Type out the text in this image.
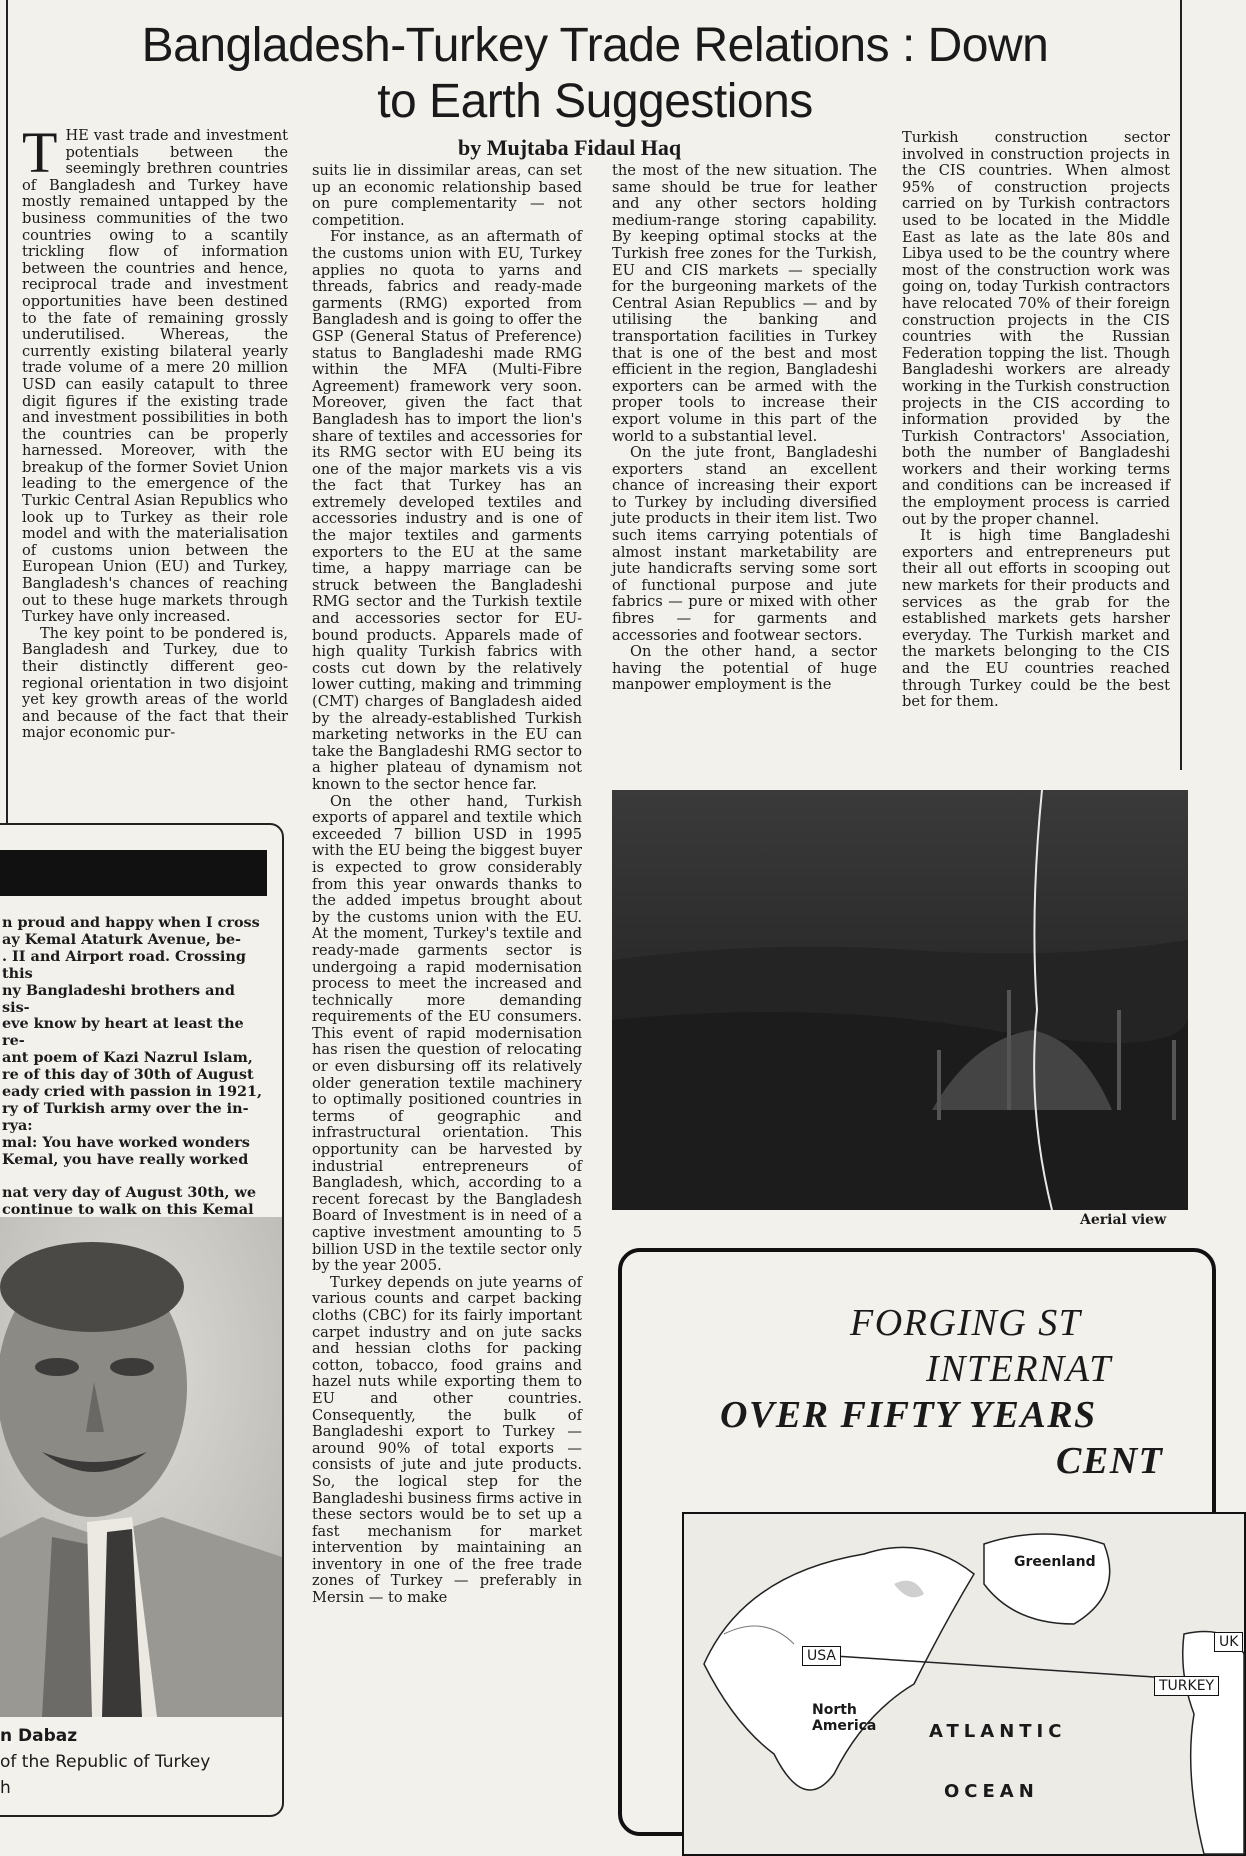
Bangladesh-Turkey Trade Relations : Down
to Earth Suggestions
by Mujtaba Fidaul Haq

THE vast trade and investment potentials between the seemingly brethren countries of Bangladesh and Turkey have mostly remained untapped by the business communities of the two countries owing to a scantily trickling flow of information between the countries and hence, reciprocal trade and investment opportunities have been destined to the fate of remaining grossly underutilised. Whereas, the currently existing bilateral yearly trade volume of a mere 20 million USD can easily catapult to three digit figures if the existing trade and investment possibilities in both the countries can be properly harnessed. Moreover, with the breakup of the former Soviet Union leading to the emergence of the Turkic Central Asian Republics who look up to Turkey as their role model and with the materialisation of customs union between the European Union (EU) and Turkey, Bangladesh's chances of reaching out to these huge markets through Turkey have only increased.

The key point to be pondered is, Bangladesh and Turkey, due to their distinctly different geo-regional orientation in two disjoint yet key growth areas of the world and because of the fact that their major economic pur-

suits lie in dissimilar areas, can set up an economic relationship based on pure complementarity — not competition.

For instance, as an aftermath of the customs union with EU, Turkey applies no quota to yarns and threads, fabrics and ready-made garments (RMG) exported from Bangladesh and is going to offer the GSP (General Status of Preference) status to Bangladeshi made RMG within the MFA (Multi-Fibre Agreement) framework very soon. Moreover, given the fact that Bangladesh has to import the lion's share of textiles and accessories for its RMG sector with EU being its one of the major markets vis a vis the fact that Turkey has an extremely developed textiles and accessories industry and is one of the major textiles and garments exporters to the EU at the same time, a happy marriage can be struck between the Bangladeshi RMG sector and the Turkish textile and accessories sector for EU-bound products. Apparels made of high quality Turkish fabrics with costs cut down by the relatively lower cutting, making and trimming (CMT) charges of Bangladesh aided by the already-established Turkish marketing networks in the EU can take the Bangladeshi RMG sector to a higher plateau of dynamism not known to the sector hence far.

On the other hand, Turkish exports of apparel and textile which exceeded 7 billion USD in 1995 with the EU being the biggest buyer is expected to grow considerably from this year onwards thanks to the added impetus brought about by the customs union with the EU. At the moment, Turkey's textile and ready-made garments sector is undergoing a rapid modernisation process to meet the increased and technically more demanding requirements of the EU consumers. This event of rapid modernisation has risen the question of relocating or even disbursing off its relatively older generation textile machinery to optimally positioned countries in terms of geographic and infrastructural orientation. This opportunity can be harvested by industrial entrepreneurs of Bangladesh, which, according to a recent forecast by the Bangladesh Board of Investment is in need of a captive investment amounting to 5 billion USD in the textile sector only by the year 2005.

Turkey depends on jute yearns of various counts and carpet backing cloths (CBC) for its fairly important carpet industry and on jute sacks and hessian cloths for packing cotton, tobacco, food grains and hazel nuts while exporting them to EU and other countries. Consequently, the bulk of Bangladeshi export to Turkey — around 90% of total exports — consists of jute and jute products. So, the logical step for the Bangladeshi business firms active in these sectors would be to set up a fast mechanism for market intervention by maintaining an inventory in one of the free trade zones of Turkey — preferably in Mersin — to make

the most of the new situation. The same should be true for leather and any other sectors holding medium-range storing capability. By keeping optimal stocks at the Turkish free zones for the Turkish, EU and CIS markets — specially for the burgeoning markets of the Central Asian Republics — and by utilising the banking and transportation facilities in Turkey that is one of the best and most efficient in the region, Bangladeshi exporters can be armed with the proper tools to increase their export volume in this part of the world to a substantial level.

On the jute front, Bangladeshi exporters stand an excellent chance of increasing their export to Turkey by including diversified jute products in their item list. Two such items carrying potentials of almost instant marketability are jute handicrafts serving some sort of functional purpose and jute fabrics — pure or mixed with other fibres — for garments and accessories and footwear sectors.

On the other hand, a sector having the potential of huge manpower employment is the

Turkish construction sector involved in construction projects in the CIS countries. When almost 95% of construction projects carried on by Turkish contractors used to be located in the Middle East as late as the late 80s and Libya used to be the country where most of the construction work was going on, today Turkish contractors have relocated 70% of their foreign construction projects in the CIS countries with the Russian Federation topping the list. Though Bangladeshi workers are already working in the Turkish construction projects in the CIS according to information provided by the Turkish Contractors' Association, both the number of Bangladeshi workers and their working terms and conditions can be increased if the employment process is carried out by the proper channel.

It is high time Bangladeshi exporters and entrepreneurs put their all out efforts in scooping out new markets for their products and services as the grab for the established markets gets harsher everyday. The Turkish market and the markets belonging to the CIS and the EU countries reached through Turkey could be the best bet for them.

n proud and happy when I cross

ay Kemal Ataturk Avenue, be-

. II and Airport road. Crossing this

ny Bangladeshi brothers and sis-

eve know by heart at least the re-

ant poem of Kazi Nazrul Islam,

re of this day of 30th of August

eady cried with passion in 1921,

ry of Turkish army over the in-

rya:

mal: You have worked wonders

Kemal, you have really worked

nat very day of August 30th, we

continue to walk on this Kemal

n Dabaz
of the Republic of Turkey
h
Aerial view
FORGING ST
INTERNAT
OVER FIFTY YEARS
CENT
Greenland
USA
UK
TURKEY
North America	ATLANTIC
OCEAN
